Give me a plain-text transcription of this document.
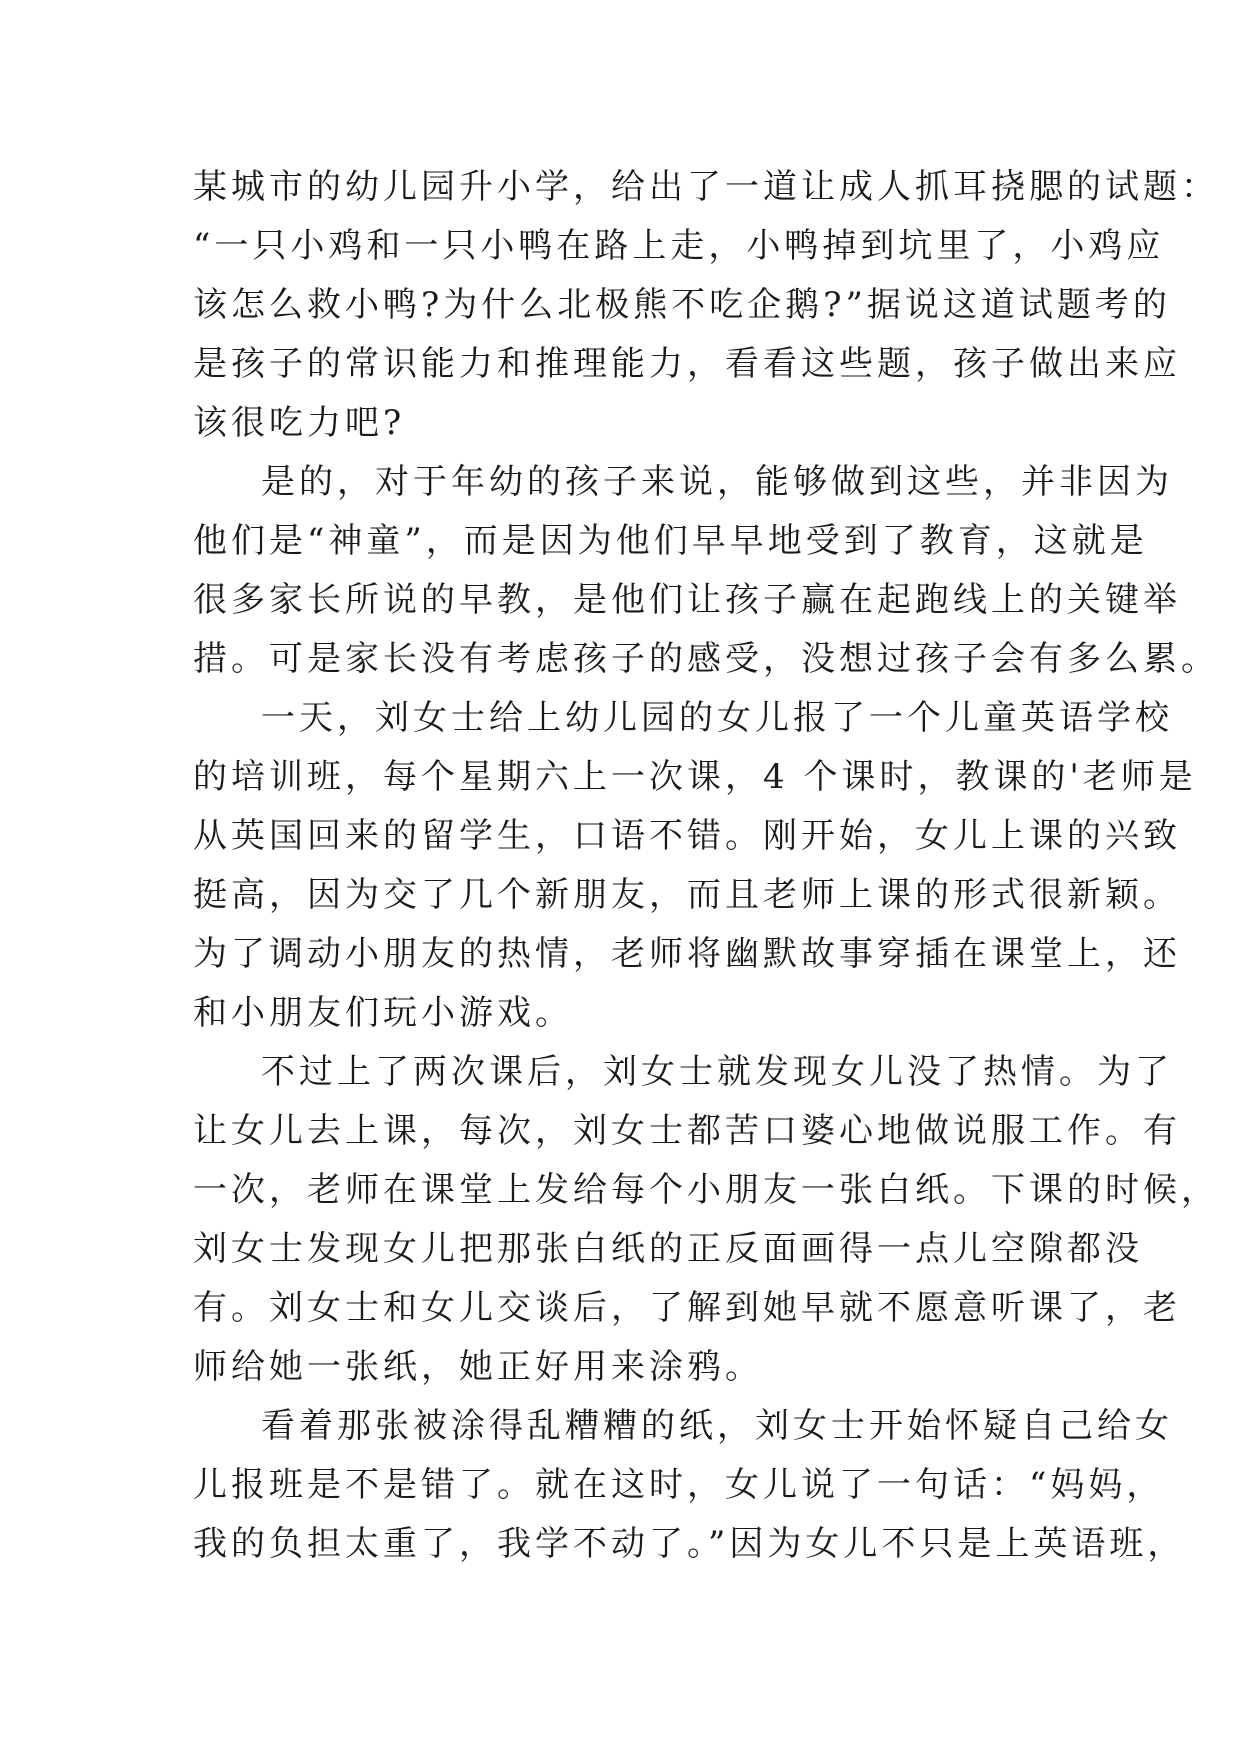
某城市的幼儿园升小学，给出了一道让成人抓耳挠腮的试题：
“一只小鸡和一只小鸭在路上走，小鸭掉到坑里了，小鸡应
该怎么救小鸭?为什么北极熊不吃企鹅?”据说这道试题考的
是孩子的常识能力和推理能力，看看这些题，孩子做出来应
该很吃力吧?
是的，对于年幼的孩子来说，能够做到这些，并非因为
他们是“神童”，而是因为他们早早地受到了教育，这就是
很多家长所说的早教，是他们让孩子赢在起跑线上的关键举
措。可是家长没有考虑孩子的感受，没想过孩子会有多么累。
一天，刘女士给上幼儿园的女儿报了一个儿童英语学校
的培训班，每个星期六上一次课，4 个课时，教课的'老师是
从英国回来的留学生，口语不错。刚开始，女儿上课的兴致
挺高，因为交了几个新朋友，而且老师上课的形式很新颖。
为了调动小朋友的热情，老师将幽默故事穿插在课堂上，还
和小朋友们玩小游戏。
不过上了两次课后，刘女士就发现女儿没了热情。为了
让女儿去上课，每次，刘女士都苦口婆心地做说服工作。有
一次，老师在课堂上发给每个小朋友一张白纸。下课的时候，
刘女士发现女儿把那张白纸的正反面画得一点儿空隙都没
有。刘女士和女儿交谈后，了解到她早就不愿意听课了，老
师给她一张纸，她正好用来涂鸦。
看着那张被涂得乱糟糟的纸，刘女士开始怀疑自己给女
儿报班是不是错了。就在这时，女儿说了一句话：“妈妈，
我的负担太重了，我学不动了。”因为女儿不只是上英语班，
